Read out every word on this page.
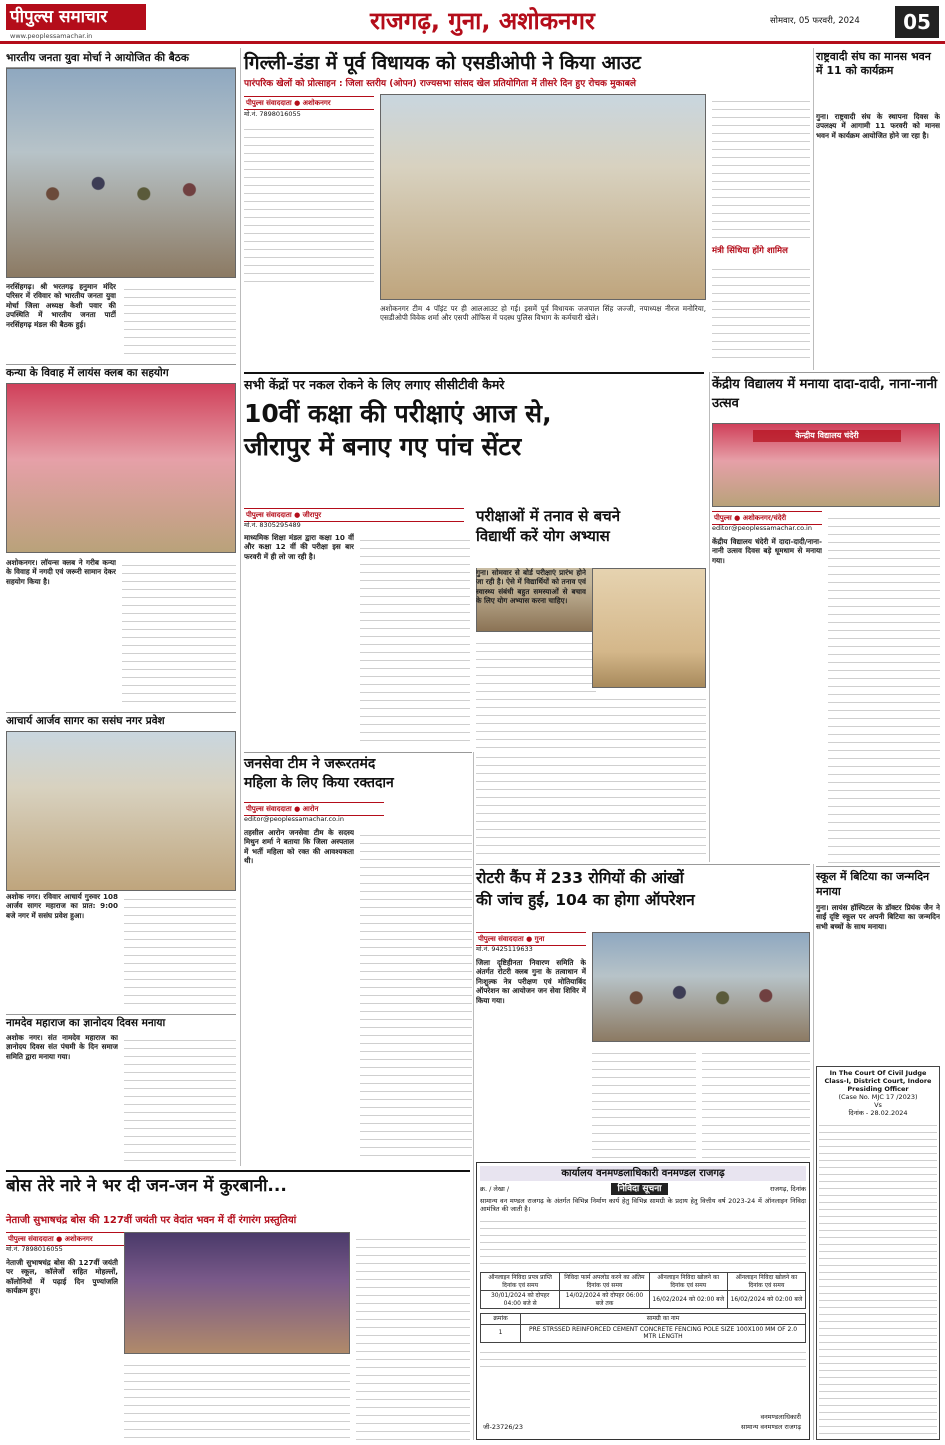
पीपुल्स समाचार
www.peoplessamachar.in
राजगढ़, गुना, अशोकनगर	सोमवार, 05 फरवरी, 2024	05
भारतीय जनता युवा मोर्चा ने आयोजित की बैठक
नरसिंहगढ़। श्री भरतगढ़ हनुमान मंदिर परिसर में रविवार को भारतीय जनता युवा मोर्चा जिला अध्यक्ष केशी पवार की उपस्थिति में भारतीय जनता पार्टी नरसिंहगढ़ मंडल की बैठक हुई।
कन्या के विवाह में लायंस क्लब का सहयोग
अशोकनगर। लॉयन्स क्लब ने गरीब कन्या के विवाह में नगदी एवं जरूरी सामान देकर सहयोग किया है।
आचार्य आर्जव सागर का ससंघ नगर प्रवेश
अशोक नगर। रविवार आचार्य गुरुवर 108 आर्जव सागर महाराज का प्रात: 9:00 बजे नगर में ससंघ प्रवेश हुआ।
नामदेव महाराज का ज्ञानोदय दिवस मनाया
अशोक नगर। संत नामदेव महाराज का ज्ञानोदय दिवस संत पंचमी के दिन समाज समिति द्वारा मनाया गया।
गिल्ली-डंडा में पूर्व विधायक को एसडीओपी ने किया आउट
पारंपरिक खेलों को प्रोत्साहन : जिला स्तरीय (ओपन) राज्यसभा सांसद खेल प्रतियोगिता में तीसरे दिन हुए रोचक मुकाबले
पीपुल्स संवाददाता ● अशोकनगर
मो.नं. 7898016055
अशोकनगर टीम 4 पॉइंट पर ही आलआउट हो गई। इसमें पूर्व विधायक जजपाल सिंह जज्जी, नपाध्यक्ष नीरज मनोरिया, एसडीओपी विवेक शर्मा और एसपी ऑफिस में पदस्थ पुलिस विभाग के कर्मचारी खेले।
मंत्री सिंधिया होंगे शामिल
राष्ट्रवादी संघ का मानस भवन में 11 को कार्यक्रम
गुना। राष्ट्रवादी संघ के स्थापना दिवस के उपलक्ष्य में आगामी 11 फरवरी को मानस भवन में कार्यक्रम आयोजित होने जा रहा है।
सभी केंद्रों पर नकल रोकने के लिए लगाए सीसीटीवी कैमरे
10वीं कक्षा की परीक्षाएं आज से,
जीरापुर में बनाए गए पांच सेंटर
पीपुल्स संवाददाता ● जीरापुर
मो.नं. 8305295489
माध्यमिक शिक्षा मंडल द्वारा कक्षा 10 वीं और कक्षा 12 वीं की परीक्षा इस बार फरवरी में ही लो जा रही है।
परीक्षाओं में तनाव से बचने
विद्यार्थी करें योग अभ्यास
गुना। सोमवार से बोर्ड परीक्षाएं प्रारंभ होने जा रही है। ऐसे में विद्यार्थियों को तनाव एवं स्वास्थ्य संबंधी बहुत समस्याओं से बचाव के लिए योग अभ्यास करना चाहिए।
केंद्रीय विद्यालय में मनाया दादा-दादी, नाना-नानी उत्सव
केन्द्रीय विद्यालय चंदेरी
पीपुल्स ● अशोकनगर/चंदेरी
editor@peoplessamachar.co.in
केंद्रीय विद्यालय चंदेरी में दादा-दादी/नाना-नानी उत्सव दिवस बड़े धूमधाम से मनाया गया।
जनसेवा टीम ने जरूरतमंद
महिला के लिए किया रक्तदान
पीपुल्स संवाददाता ● आरोन
editor@peoplessamachar.co.in
तहसील आरोन जनसेवा टीम के सदस्य मिथुन शर्मा ने बताया कि जिला अस्पताल में भर्ती महिला को रक्त की आवश्यकता थी।
रोटरी कैंप में 233 रोगियों की आंखों
की जांच हुई, 104 का होगा ऑपरेशन
पीपुल्स संवाददाता ● गुना
मो.नं. 9425119633
जिला दृष्टिहीनता निवारण समिति के अंतर्गत रोटरी क्लब गुना के तत्वाधान में निःशुल्क नेत्र परीक्षण एवं मोतियाबिंद ऑपरेशन का आयोजन जन सेवा शिविर में किया गया।
स्कूल में बिटिया का जन्मदिन मनाया
गुना। लायंस हॉस्पिटल के डॉक्टर प्रियंक जैन ने साईं दृष्टि स्कूल पर अपनी बिटिया का जन्मदिन सभी बच्चों के साथ मनाया।
In The Court Of Civil Judge Class-I, District Court, Indore
Presiding Officer
(Case No. MJC 17 /2023)
Vs
दिनांक - 28.02.2024
बोस तेरे नारे ने भर दी जन-जन में कुरबानी...
नेताजी सुभाषचंद्र बोस की 127वीं जयंती पर वेदांत भवन में दीं रंगारंग प्रस्तुतियां
पीपुल्स संवाददाता ● अशोकनगर
मो.नं. 7898016055
नेताजी सुभाषचंद्र बोस की 127वीं जयंती पर स्कूल, कॉलेजों सहित मोहल्लों, कॉलोनियों में पढ़ाई दिन पुण्यांजलि कार्यक्रम हुए।
कार्यालय वनमण्डलाधिकारी वनमण्डल राजगढ़
क्र. / लेखा /	निविदा सूचना	राजगढ़, दिनांक
सामान्य वन मण्डल राजगढ़ के अंतर्गत विभिन्न निर्माण कार्य हेतु विभिन्न सामग्री के प्रदाय हेतु वित्तीय वर्ष 2023-24 में ऑनलाइन निविदा आमंत्रित की जाती है।
ऑनलाइन निविदा प्रपत्र प्राप्ति दिनांक एवं समय	निविदा फार्म अपलोड करने का अंतिम दिनांक एवं समय	ऑनलाइन निविदा खोलने का दिनांक एवं समय	ऑनलाइन निविदा खोलने का दिनांक एवं समय
30/01/2024 को दोपहर 04:00 बजे से	14/02/2024 को दोपहर 06:00 बजे तक	16/02/2024 को 02:00 बजे	16/02/2024 को 02:00 बजे
क्रमांक	सामग्री का नाम
1	PRE STRSSED REINFORCED CEMENT CONCRETE FENCING POLE SIZE 100X100 MM OF 2.0 MTR LENGTH
वनमण्डलाधिकारी
सामान्य वनमण्डल राजगढ़
जी-23726/23
